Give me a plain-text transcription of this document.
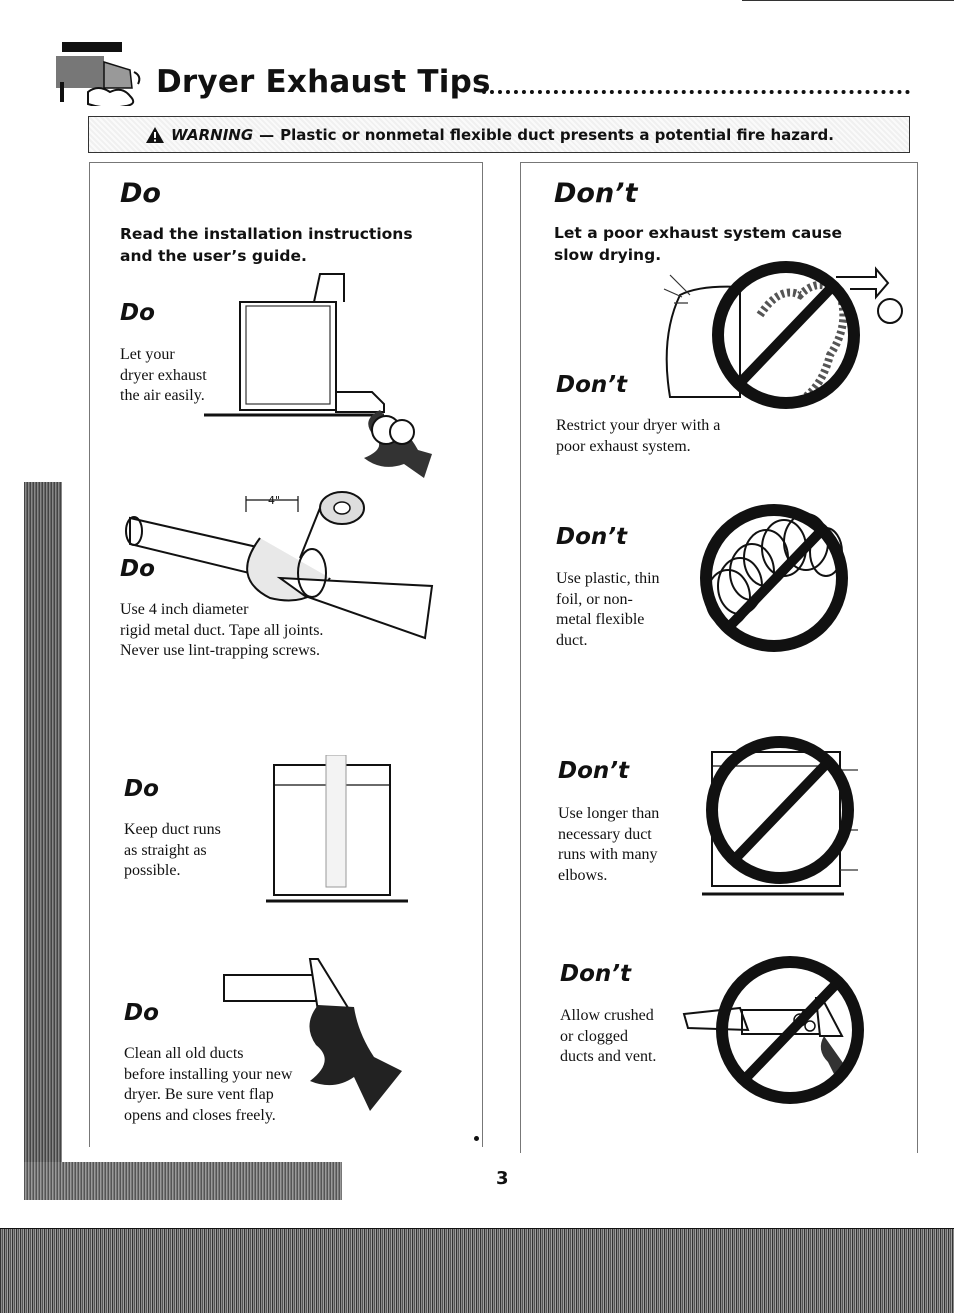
Dryer Exhaust Tips
WARNING — Plastic or nonmetal flexible duct presents a potential fire hazard.
Do
Read the installation instructions
and the user’s guide.
Do
Let your
dryer exhaust
the air easily.
4"
Do
Use 4 inch diameter
rigid metal duct. Tape all joints.
Never use lint-trapping screws.
Do
Keep duct runs
as straight as
possible.
Do
Clean all old ducts
before installing your new
dryer. Be sure vent flap
opens and closes freely.
Don’t
Let a poor exhaust system cause
slow drying.
Don’t
Restrict your dryer with a
poor exhaust system.
Don’t
Use plastic, thin
foil, or non-
metal flexible
duct.
Don’t
Use longer than
necessary duct
runs with many
elbows.
Don’t
Allow crushed
or clogged
ducts and vent.
3
